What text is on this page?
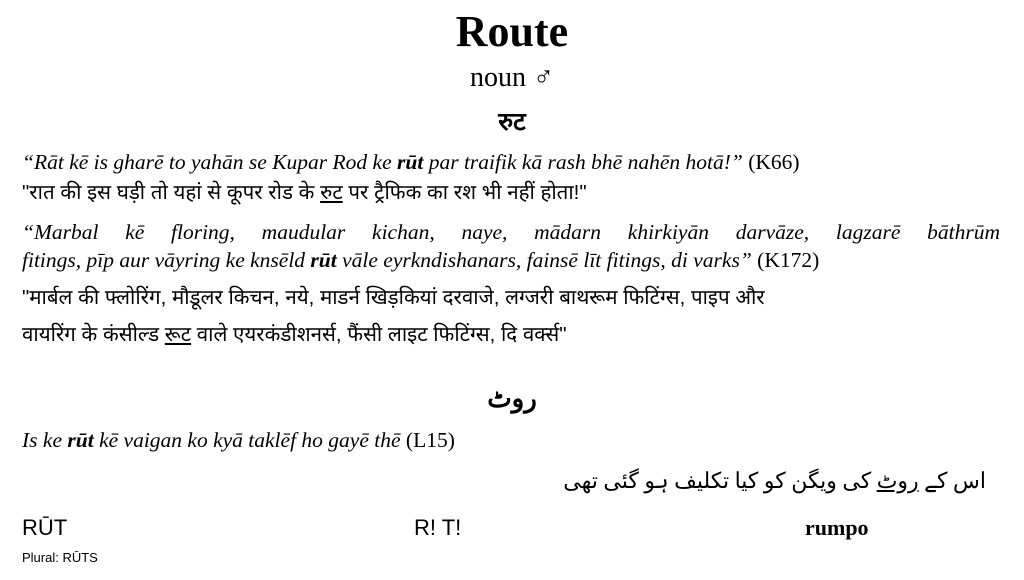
Route
noun ♂
रुट
“Rāt kē is gharē to yahān se Kupar Rod ke rūt par traifik kā rash bhē nahēn hotā!” (K66)
"रात की इस घड़ी तो यहां से कूपर रोड के रुट पर ट्रैफिक का रश भी नहीं होता!"
“Marbal kē floring, maudular kichan, naye, mādarn khirkiyān darvāze, lagzarē bāthrūm
fitings, pīp aur vāyring ke knsēld rūt vāle eyrkndishanars, fainsē līt fitings, di varks” (K172)
"मार्बल की फ्लोरिंग, मौडूलर किचन, नये, माडर्न खिड़कियां दरवाजे, लग्जरी बाथरूम फिटिंग्स, पाइप और
वायरिंग के कंसील्ड रूट वाले एयरकंडीशनर्स, फैंसी लाइट फिटिंग्स, दि वर्क्स"
روٹ
Is ke rūt kē vaigan ko kyā taklēf ho gayē thē (L15)
اس کے روٹ کی ویگن کو کیا تکلیف ہو گئی تھی
RŪT	R! T!	rumpo
Plural: RŪTS
